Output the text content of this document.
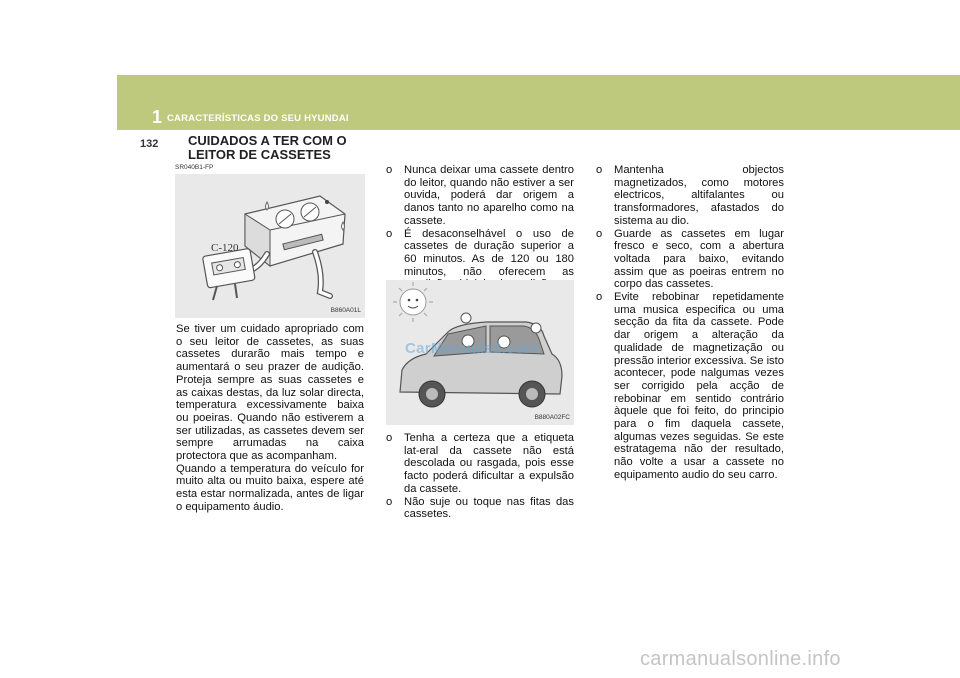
1 CARACTERÍSTICAS DO SEU HYUNDAI
132 CUIDADOS A TER COM O
LEITOR DE CASSETES
SR040B1-FP
C-120
B860A01L

Se tiver um cuidado apropriado com o seu leitor de cassetes, as suas cassetes durarão mais tempo e aumentará o seu prazer de audição. Proteja sempre as suas cassetes e as caixas destas, da luz solar directa, temperatura excessivamente baixa ou poeiras. Quando não estiverem a ser utilizadas, as cassetes devem ser sempre arrumadas na caixa protectora que as acompanham.

Quando a temperatura do veículo for muito alta ou muito baixa, espere até esta estar normalizada, antes de ligar o equipamento áudio.

o Nunca deixar uma cassete dentro do leitor, quando não estiver a ser ouvida, poderá dar origem a danos tanto no aparelho como na cassete.
o É desaconselhável o uso de cassetes de duração superior a 60 minutos. As de 120 ou 180 minutos, não oferecem as
B880A02FC
o Tenha a certeza que a etiqueta lat-eral da cassete não está descolada ou rasgada, pois esse facto poderá dificultar a expulsão da cassete.
o Não suje ou toque nas fitas das cassetes.
o Mantenha objectos magnetizados, como motores electricos, altifalantes ou transformadores, afastados do sistema au dio.
o Guarde as cassetes em lugar fresco e seco, com a abertura voltada para baixo, evitando assim que as poeiras entrem no corpo das cassetes.
o Evite rebobinar repetidamente uma musica especifica ou uma secção da fita da cassete. Pode dar origem a alteração da qualidade de magnetização ou pressão interior excessiva. Se isto acontecer, pode nalgumas vezes ser corrigido pela acção de rebobinar em sentido contrário àquele que foi feito, do principio para o fim daquela cassete, algumas vezes seguidas. Se este estratagema não der resultado, não volte a usar a cassete no equipamento audio do seu carro.
CarManuals2.com
carmanualsonline.info
